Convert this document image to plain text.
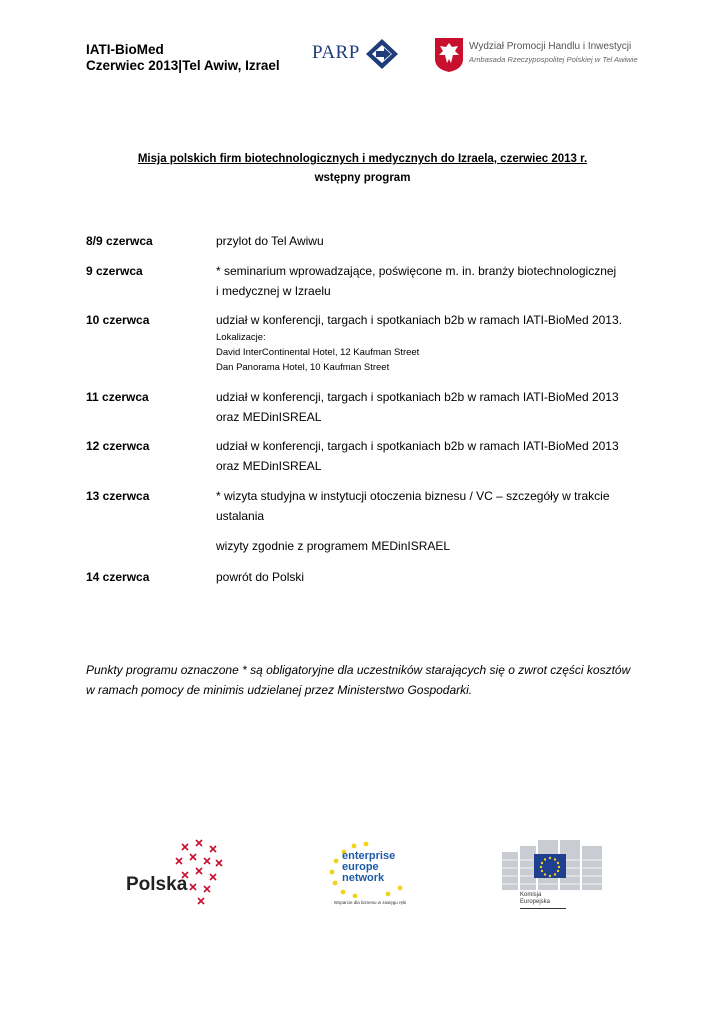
IATI-BioMed
Czerwiec 2013|Tel Awiw, Izrael
PARP	Wydział Promocji Handlu i Inwestycji
Ambasada Rzeczypospolitej Polskiej w Tel Awiwie
Misja polskich firm biotechnologicznych i medycznych do Izraela, czerwiec 2013 r.
wstępny program
8/9 czerwca	przylot do Tel Awiwu
9 czerwca	* seminarium wprowadzające, poświęcone m. in. branży biotechnologicznej
i medycznej w Izraelu
10 czerwca	udział w konferencji, targach i spotkaniach b2b w ramach IATI-BioMed 2013.
Lokalizacje:
David InterContinental Hotel, 12 Kaufman Street
Dan Panorama Hotel, 10 Kaufman Street
11 czerwca	udział w konferencji, targach i spotkaniach b2b w ramach IATI-BioMed 2013
oraz MEDinISREAL
12 czerwca	udział w konferencji, targach i spotkaniach b2b w ramach IATI-BioMed 2013
oraz MEDinISREAL
13 czerwca	* wizyta studyjna w instytucji otoczenia biznesu / VC – szczegóły w trakcie
ustalania
wizyty zgodnie z programem MEDinISRAEL
14 czerwca	powrót do Polski
Punkty programu oznaczone * są obligatoryjne dla uczestników starających się o zwrot części kosztów
w ramach pomocy de minimis udzielanej przez Ministerstwo Gospodarki.
Polska
enterprise
europe
network
Wsparcie dla biznesu w zasięgu ręki
Komisja
Europejska
